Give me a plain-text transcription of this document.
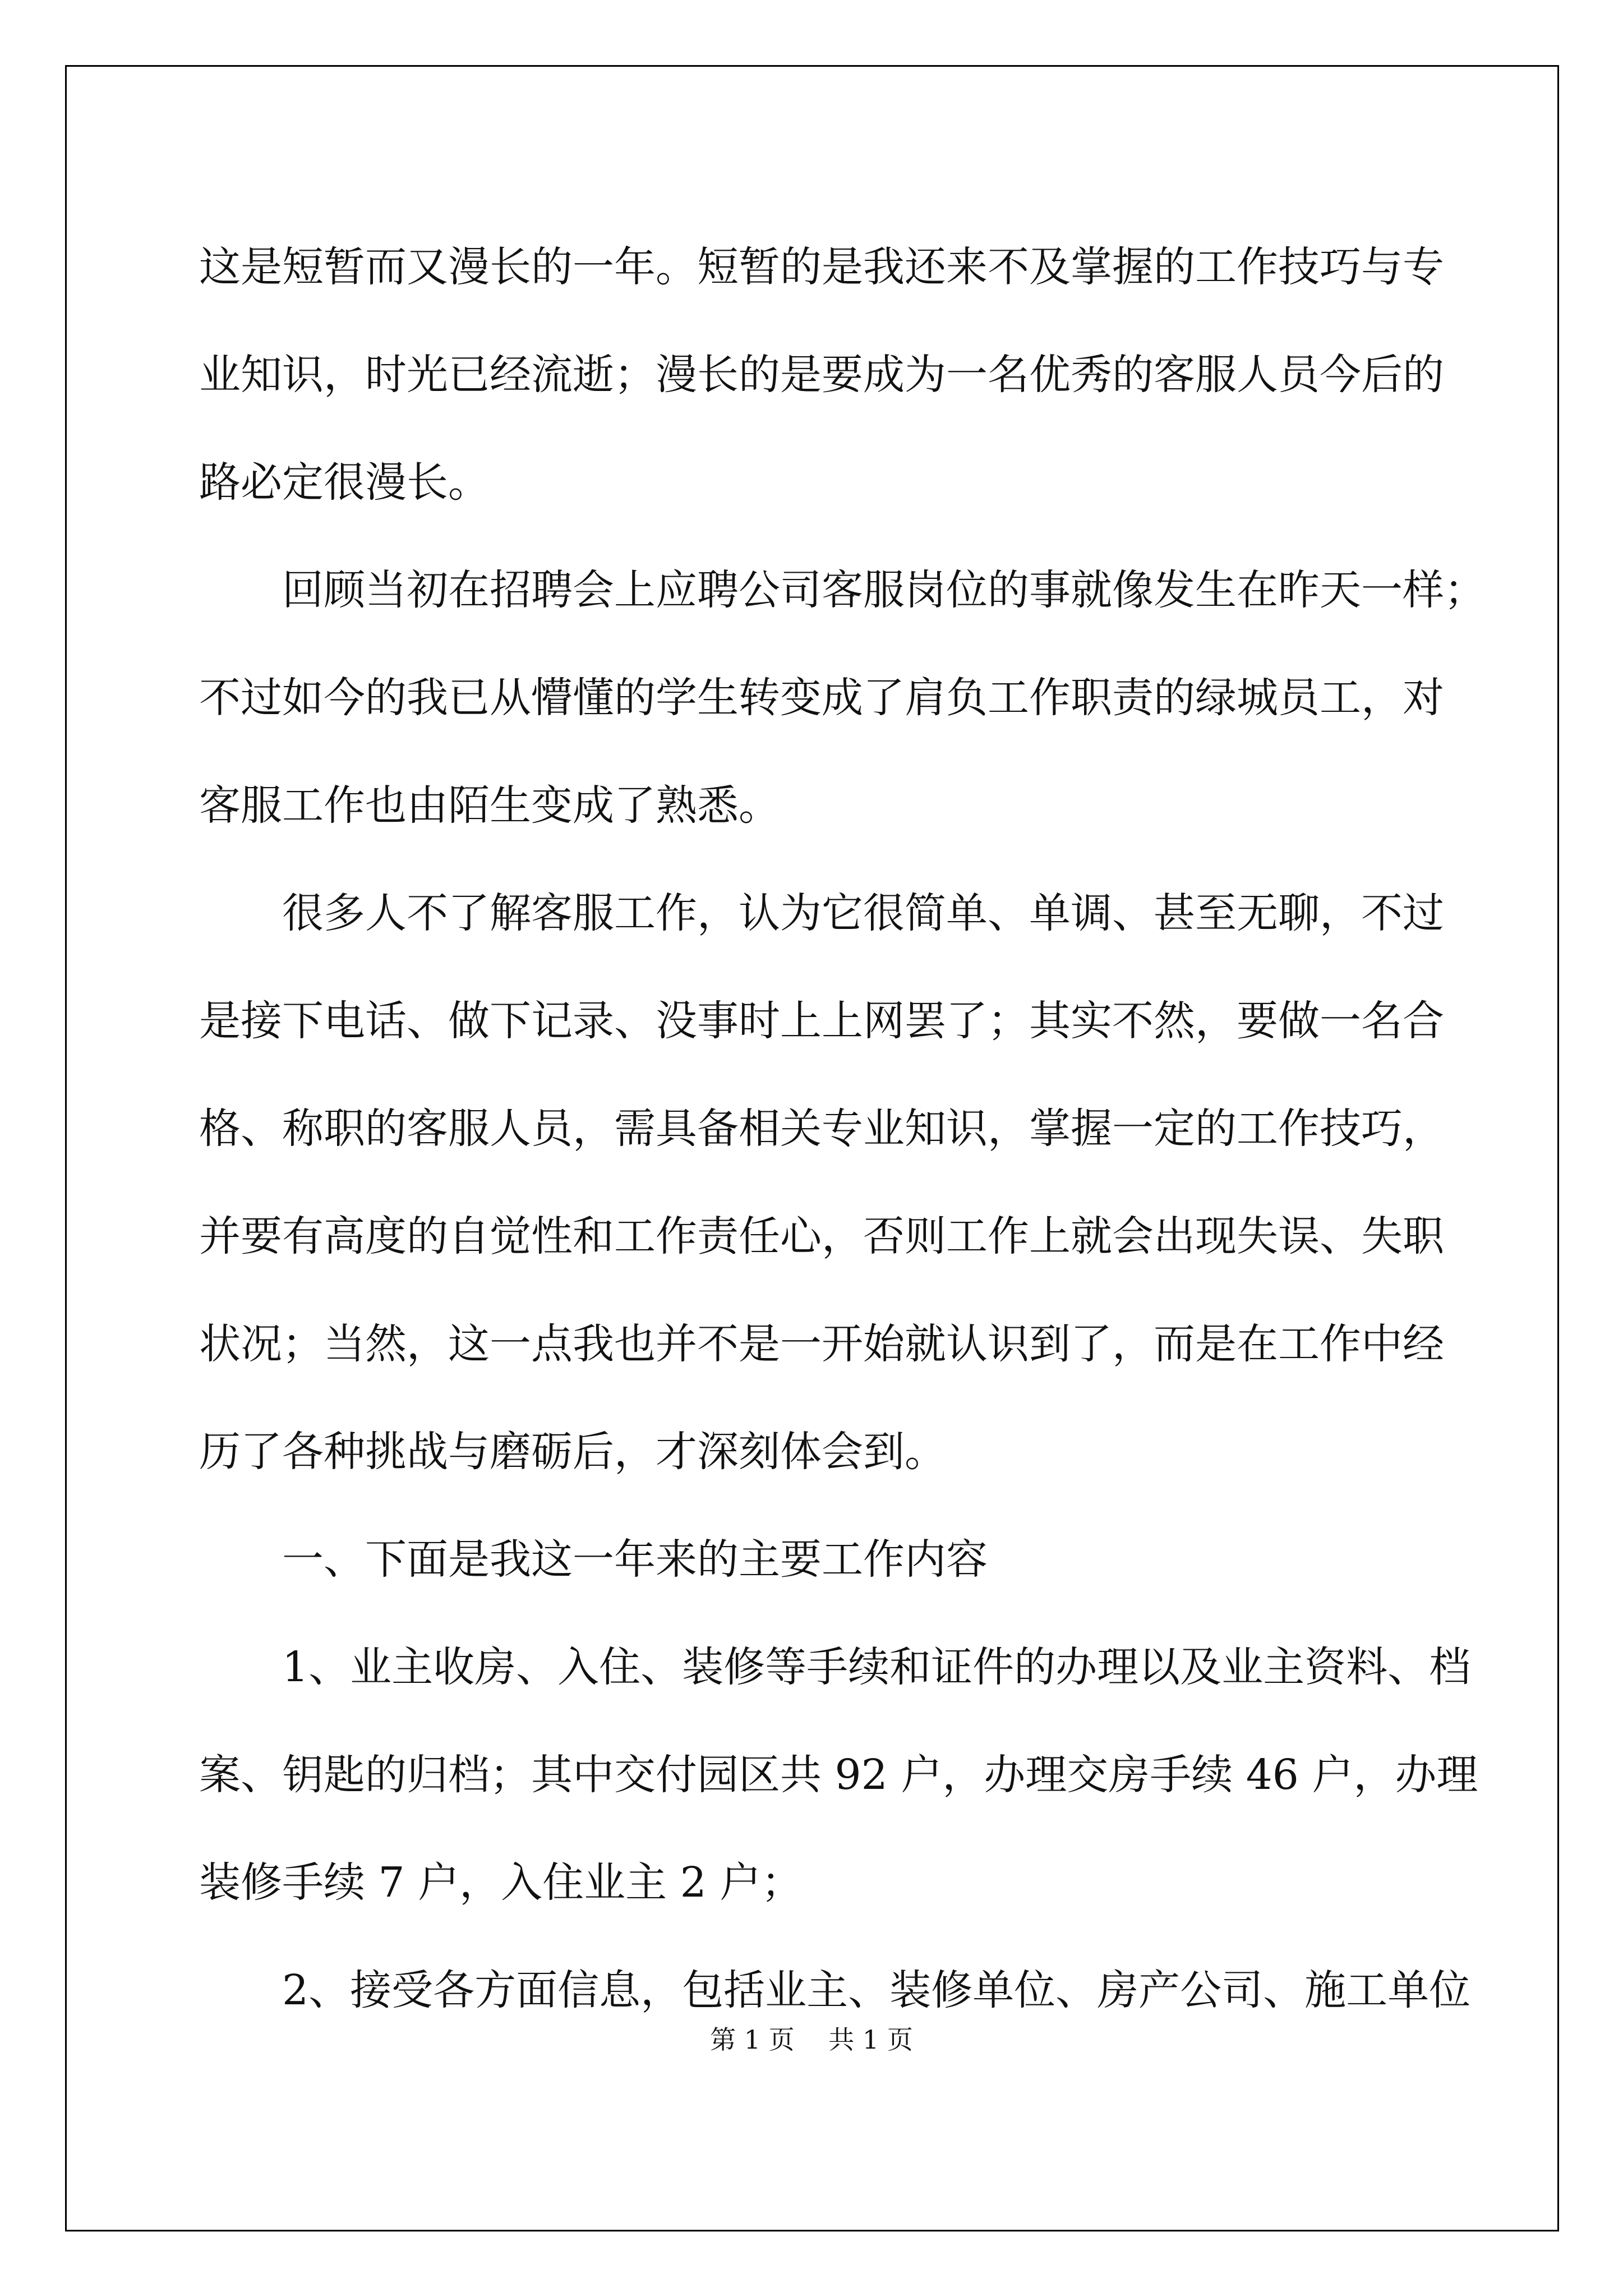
这是短暂而又漫长的一年。短暂的是我还来不及掌握的工作技巧与专
业知识，时光已经流逝；漫长的是要成为一名优秀的客服人员今后的
路必定很漫长。
回顾当初在招聘会上应聘公司客服岗位的事就像发生在昨天一样；
不过如今的我已从懵懂的学生转变成了肩负工作职责的绿城员工，对
客服工作也由陌生变成了熟悉。
很多人不了解客服工作，认为它很简单、单调、甚至无聊，不过
是接下电话、做下记录、没事时上上网罢了；其实不然，要做一名合
格、称职的客服人员，需具备相关专业知识，掌握一定的工作技巧，
并要有高度的自觉性和工作责任心，否则工作上就会出现失误、失职
状况；当然，这一点我也并不是一开始就认识到了，而是在工作中经
历了各种挑战与磨砺后，才深刻体会到。
一、下面是我这一年来的主要工作内容
1、业主收房、入住、装修等手续和证件的办理以及业主资料、档
案、钥匙的归档；其中交付园区共 92 户，办理交房手续 46 户，办理
装修手续 7 户，入住业主 2 户；
2、接受各方面信息，包括业主、装修单位、房产公司、施工单位
第 1 页　 共 1 页
